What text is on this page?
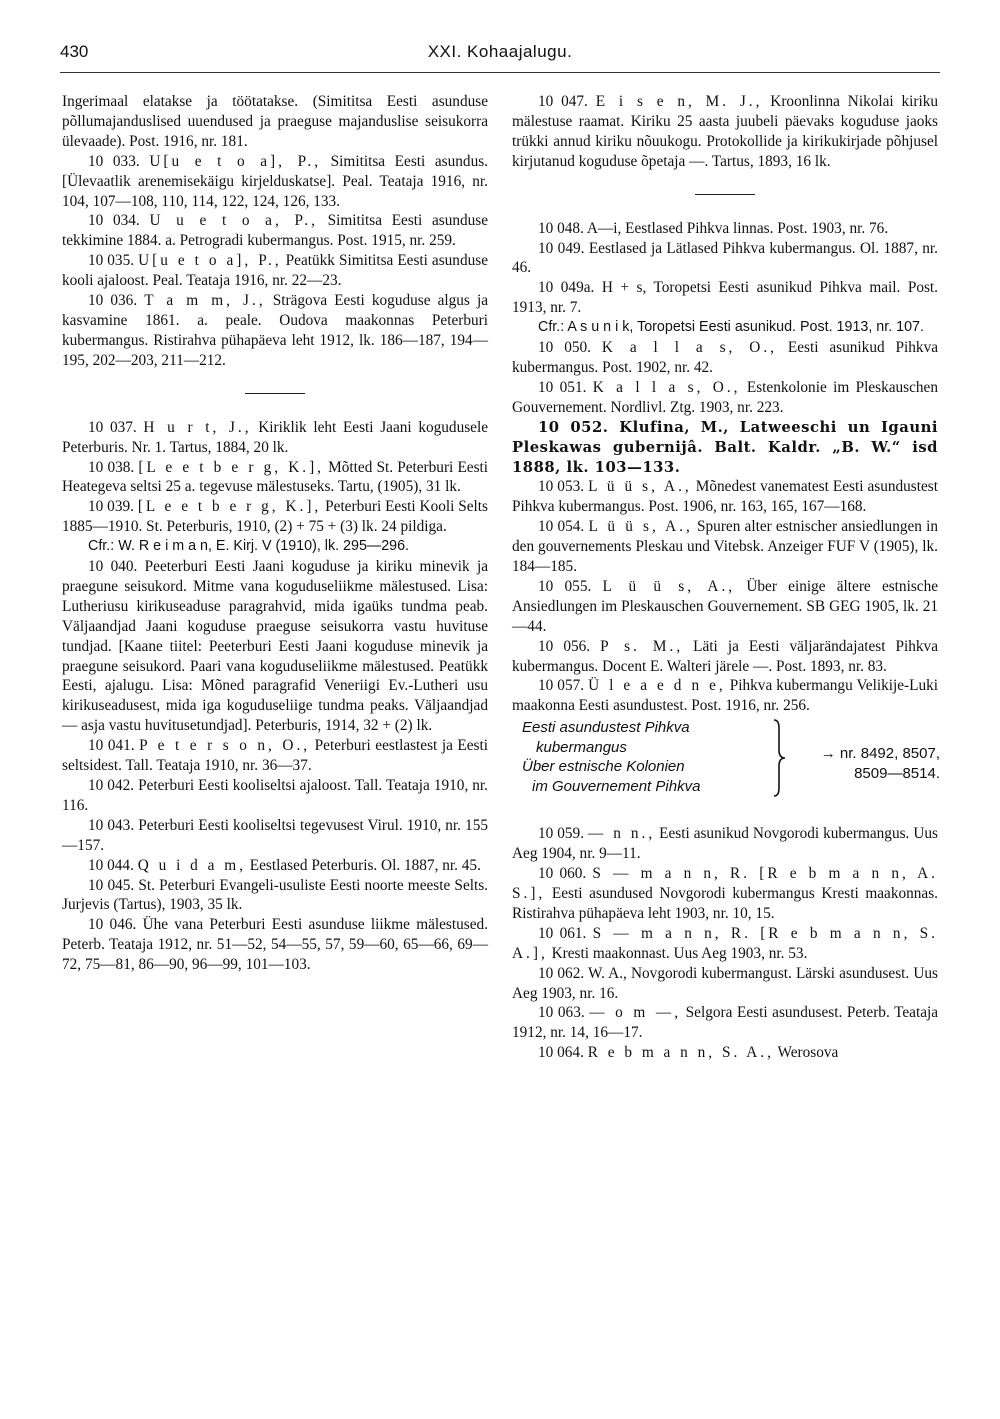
430	XXI. Kohaajalugu.

Ingerimaal elatakse ja töötatakse. (Simititsa Eesti asunduse põllumajanduslised uuendused ja praeguse majanduslise seisukorra ülevaade). Post. 1916, nr. 181.

10 033. U[u e t o a], P., Simititsa Eesti asundus. [Ülevaatlik arenemisekäigu kirjelduskatse]. Peal. Teataja 1916, nr. 104, 107—108, 110, 114, 122, 124, 126, 133.

10 034. U u e t o a, P., Simititsa Eesti asunduse tekkimine 1884. a. Petrogradi kubermangus. Post. 1915, nr. 259.

10 035. U[u e t o a], P., Peatükk Simititsa Eesti asunduse kooli ajaloost. Peal. Teataja 1916, nr. 22—23.

10 036. T a m m, J., Strägova Eesti koguduse algus ja kasvamine 1861. a. peale. Oudova maakonnas Peterburi kubermangus. Ristirahva pühapäeva leht 1912, lk. 186—187, 194—195, 202—203, 211—212.

10 037. H u r t, J., Kiriklik leht Eesti Jaani kogudusele Peterburis. Nr. 1. Tartus, 1884, 20 lk.

10 038. [L e e t b e r g, K.], Mõtted St. Peterburi Eesti Heategeva seltsi 25 a. tegevuse mälestuseks. Tartu, (1905), 31 lk.

10 039. [L e e t b e r g, K.], Peterburi Eesti Kooli Selts 1885—1910. St. Peterburis, 1910, (2) + 75 + (3) lk. 24 pildiga.

Cfr.: W. R e i m a n, E. Kirj. V (1910), lk. 295—296.

10 040. Peeterburi Eesti Jaani koguduse ja kiriku minevik ja praegune seisukord. Mitme vana koguduseliikme mälestused. Lisa: Lutheriusu kirikuseaduse paragrahvid, mida igaüks tundma peab. Väljaandjad Jaani koguduse praeguse seisukorra vastu huvituse tundjad. [Kaane tiitel: Peeterburi Eesti Jaani koguduse minevik ja praegune seisukord. Paari vana koguduseliikme mälestused. Peatükk Eesti, ajalugu. Lisa: Mõned paragrafid Veneriigi Ev.-Lutheri usu kirikuseadusest, mida iga koguduseliige tundma peaks. Väljaandjad — asja vastu huvitusetundjad]. Peterburis, 1914, 32 + (2) lk.

10 041. P e t e r s o n, O., Peterburi eestlastest ja Eesti seltsidest. Tall. Teataja 1910, nr. 36—37.

10 042. Peterburi Eesti kooliseltsi ajaloost. Tall. Teataja 1910, nr. 116.

10 043. Peterburi Eesti kooliseltsi tegevusest Virul. 1910, nr. 155—157.

10 044. Q u i d a m, Eestlased Peterburis. Ol. 1887, nr. 45.

10 045. St. Peterburi Evangeli-usuliste Eesti noorte meeste Selts. Jurjevis (Tartus), 1903, 35 lk.

10 046. Ühe vana Peterburi Eesti asunduse liikme mälestused. Peterb. Teataja 1912, nr. 51—52, 54—55, 57, 59—60, 65—66, 69—72, 75—81, 86—90, 96—99, 101—103.

10 047. E i s e n, M. J., Kroonlinna Nikolai kiriku mälestuse raamat. Kiriku 25 aasta juubeli päevaks koguduse jaoks trükki annud kiriku nõuukogu. Protokollide ja kirikukirjade põhjusel kirjutanud koguduse õpetaja —. Tartus, 1893, 16 lk.

10 048. A—i, Eestlased Pihkva linnas. Post. 1903, nr. 76.

10 049. Eestlased ja Lätlased Pihkva kubermangus. Ol. 1887, nr. 46.

10 049a. H + s, Toropetsi Eesti asunikud Pihkva mail. Post. 1913, nr. 7.

Cfr.: A s u n i k, Toropetsi Eesti asunikud. Post. 1913, nr. 107.

10 050. K a l l a s, O., Eesti asunikud Pihkva kubermangus. Post. 1902, nr. 42.

10 051. K a l l a s, O., Estenkolonie im Pleskauschen Gouvernement. Nordlivl. Ztg. 1903, nr. 223.

10 052. Klufina, M., Latweeschi un Igauni Pleskawas gubernijâ. Balt. Kaldr. „B. W.“ isd 1888, lk. 103—133.

10 053. L ü ü s, A., Mõnedest vanematest Eesti asundustest Pihkva kubermangus. Post. 1906, nr. 163, 165, 167—168.

10 054. L ü ü s, A., Spuren alter estnischer ansiedlungen in den gouvernements Pleskau und Vitebsk. Anzeiger FUF V (1905), lk. 184—185.

10 055. L ü ü s, A., Über einige ältere estnische Ansiedlungen im Pleskauschen Gouvernement. SB GEG 1905, lk. 21—44.

10 056. P s. M., Läti ja Eesti väljarändajatest Pihkva kubermangus. Docent E. Walteri järele —. Post. 1893, nr. 83.

10 057. Ü l e a e d n e, Pihkva kubermangu Velikije-Luki maakonna Eesti asundustest. Post. 1916, nr. 256.

Eesti asundustest Pihkva
kubermangus
Über estnische Kolonien
im Gouvernement Pihkva
→ nr. 8492, 8507, 8509—8514.

10 059. — n n., Eesti asunikud Novgorodi kubermangus. Uus Aeg 1904, nr. 9—11.

10 060. S — m a n n, R. [R e b m a n n, A. S.], Eesti asundused Novgorodi kubermangus Kresti maakonnas. Ristirahva pühapäeva leht 1903, nr. 10, 15.

10 061. S — m a n n, R. [R e b m a n n, S. A.], Kresti maakonnast. Uus Aeg 1903, nr. 53.

10 062. W. A., Novgorodi kubermangust. Lärski asundusest. Uus Aeg 1903, nr. 16.

10 063. — o m —, Selgora Eesti asundusest. Peterb. Teataja 1912, nr. 14, 16—17.

10 064. R e b m a n n, S. A., Werosova
